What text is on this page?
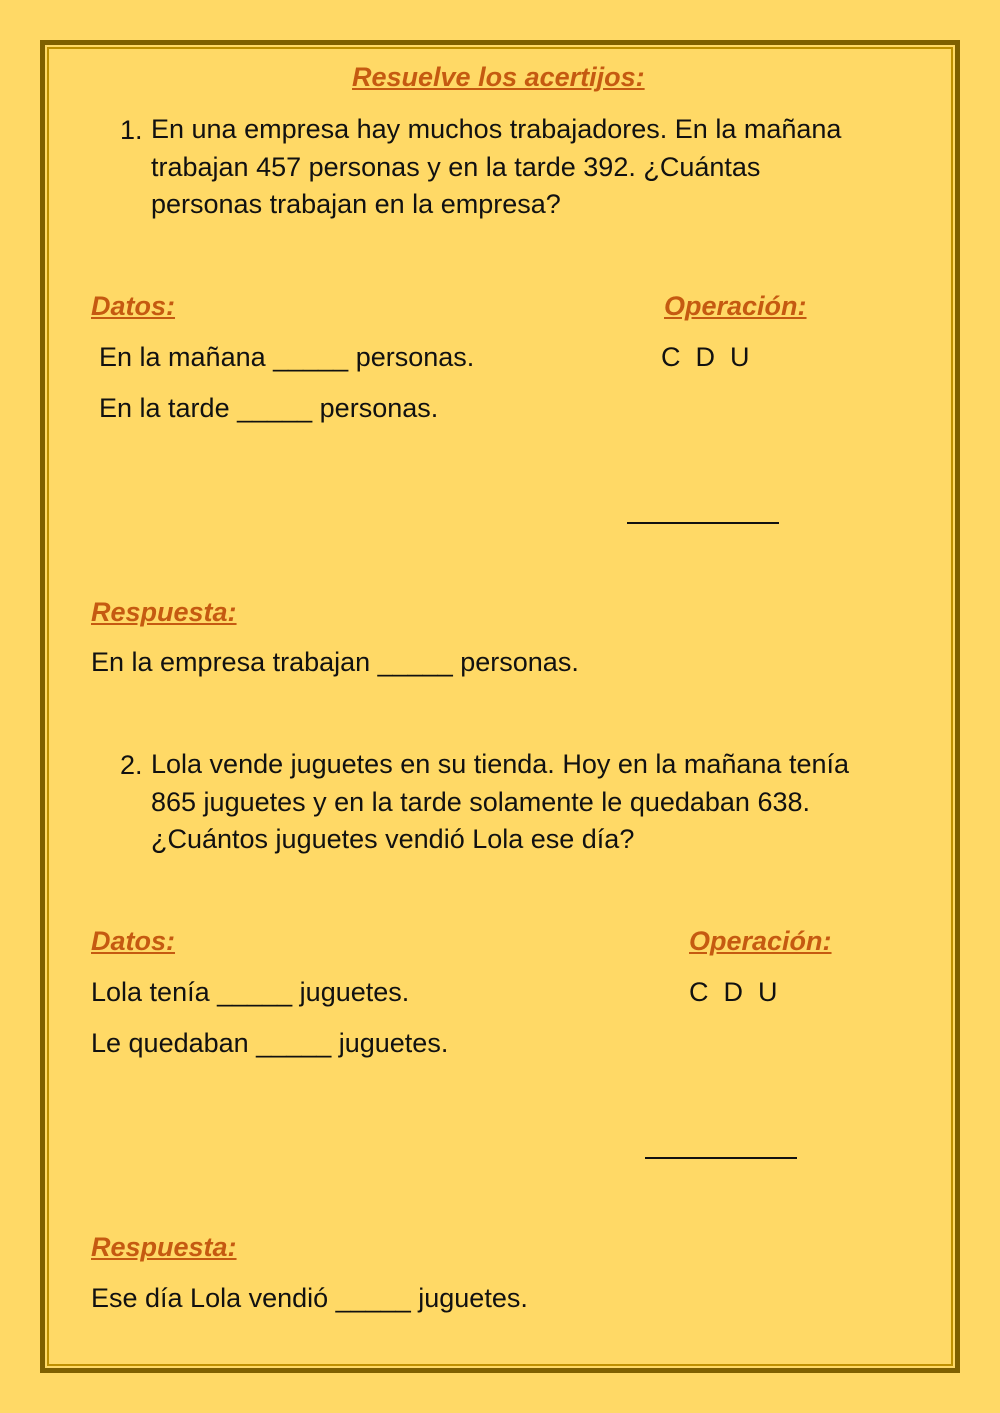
Resuelve los acertijos:
1. En una empresa hay muchos trabajadores. En la mañana
trabajan 457 personas y en la tarde 392. ¿Cuántas
personas trabajan en la empresa?
Datos:	Operación:
En la mañana _____ personas.	C  D  U
En la tarde _____ personas.
Respuesta:
En la empresa trabajan _____ personas.
2. Lola vende juguetes en su tienda. Hoy en la mañana tenía
865 juguetes y en la tarde solamente le quedaban 638.
¿Cuántos juguetes vendió Lola ese día?
Datos:	Operación:
Lola tenía _____ juguetes.	C  D  U
Le quedaban _____ juguetes.
Respuesta:
Ese día Lola vendió _____ juguetes.
